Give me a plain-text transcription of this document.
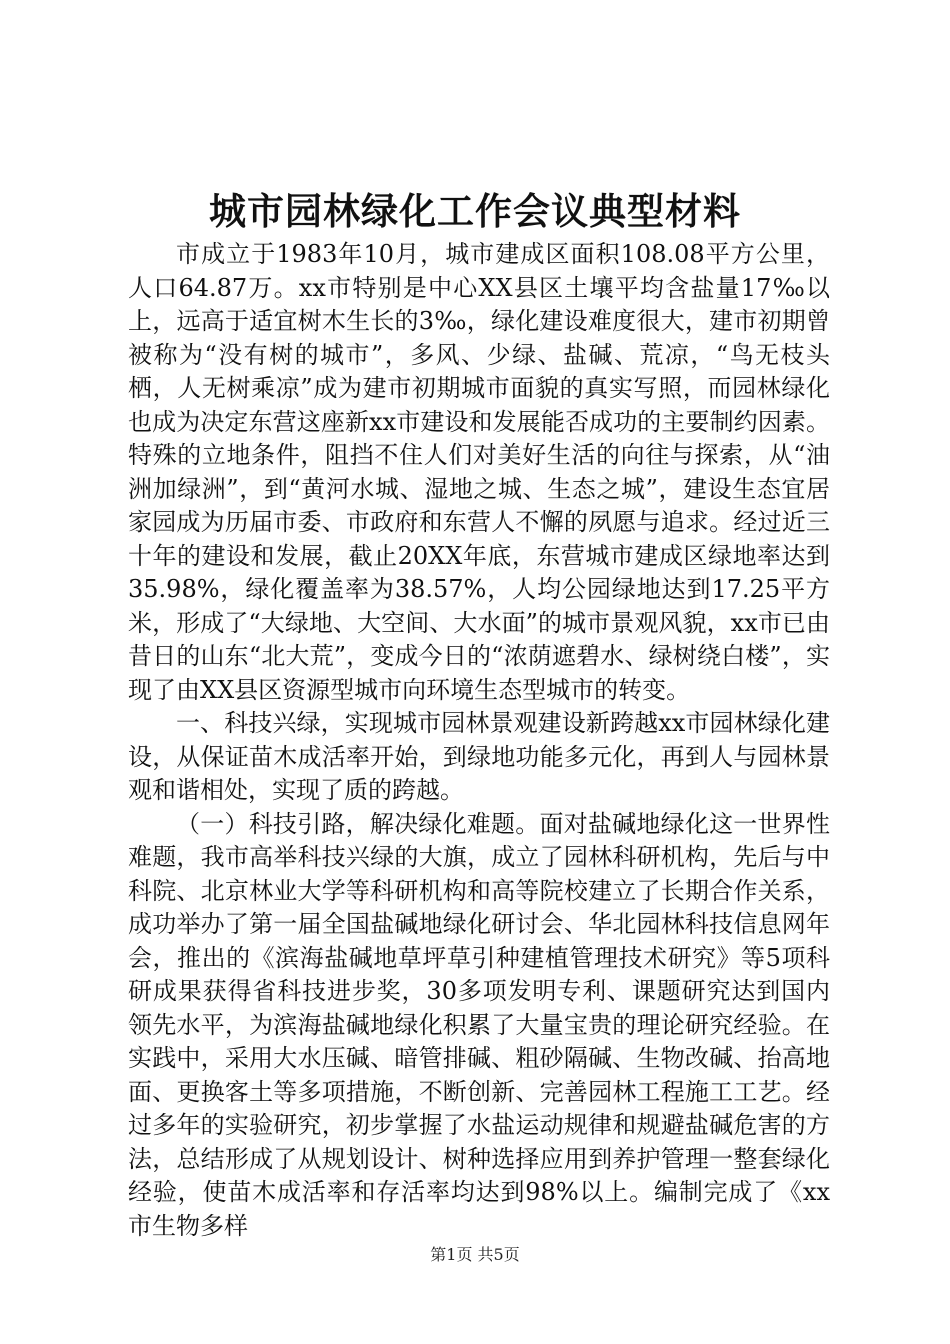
城市园林绿化工作会议典型材料

市成立于1983年10月，城市建成区面积108.08平方公里，人口64.87万。xx市特别是中心XX县区土壤平均含盐量17‰以上，远高于适宜树木生长的3‰，绿化建设难度很大，建市初期曾被称为“没有树的城市”，多风、少绿、盐碱、荒凉，“鸟无枝头栖，人无树乘凉”成为建市初期城市面貌的真实写照，而园林绿化也成为决定东营这座新xx市建设和发展能否成功的主要制约因素。特殊的立地条件，阻挡不住人们对美好生活的向往与探索，从“油洲加绿洲”，到“黄河水城、湿地之城、生态之城”，建设生态宜居家园成为历届市委、市政府和东营人不懈的夙愿与追求。经过近三十年的建设和发展，截止20XX年底，东营城市建成区绿地率达到35.98%，绿化覆盖率为38.57%，人均公园绿地达到17.25平方米，形成了“大绿地、大空间、大水面”的城市景观风貌，xx市已由昔日的山东“北大荒”，变成今日的“浓荫遮碧水、绿树绕白楼”，实现了由XX县区资源型城市向环境生态型城市的转变。

一、科技兴绿，实现城市园林景观建设新跨越xx市园林绿化建设，从保证苗木成活率开始，到绿地功能多元化，再到人与园林景观和谐相处，实现了质的跨越。

（一）科技引路，解决绿化难题。面对盐碱地绿化这一世界性难题，我市高举科技兴绿的大旗，成立了园林科研机构，先后与中科院、北京林业大学等科研机构和高等院校建立了长期合作关系，成功举办了第一届全国盐碱地绿化研讨会、华北园林科技信息网年会，推出的《滨海盐碱地草坪草引种建植管理技术研究》等5项科研成果获得省科技进步奖，30多项发明专利、课题研究达到国内领先水平，为滨海盐碱地绿化积累了大量宝贵的理论研究经验。在实践中，采用大水压碱、暗管排碱、粗砂隔碱、生物改碱、抬高地面、更换客土等多项措施，不断创新、完善园林工程施工工艺。经过多年的实验研究，初步掌握了水盐运动规律和规避盐碱危害的方法，总结形成了从规划设计、树种选择应用到养护管理一整套绿化经验，使苗木成活率和存活率均达到98%以上。编制完成了《xx市生物多样

第1页 共5页
